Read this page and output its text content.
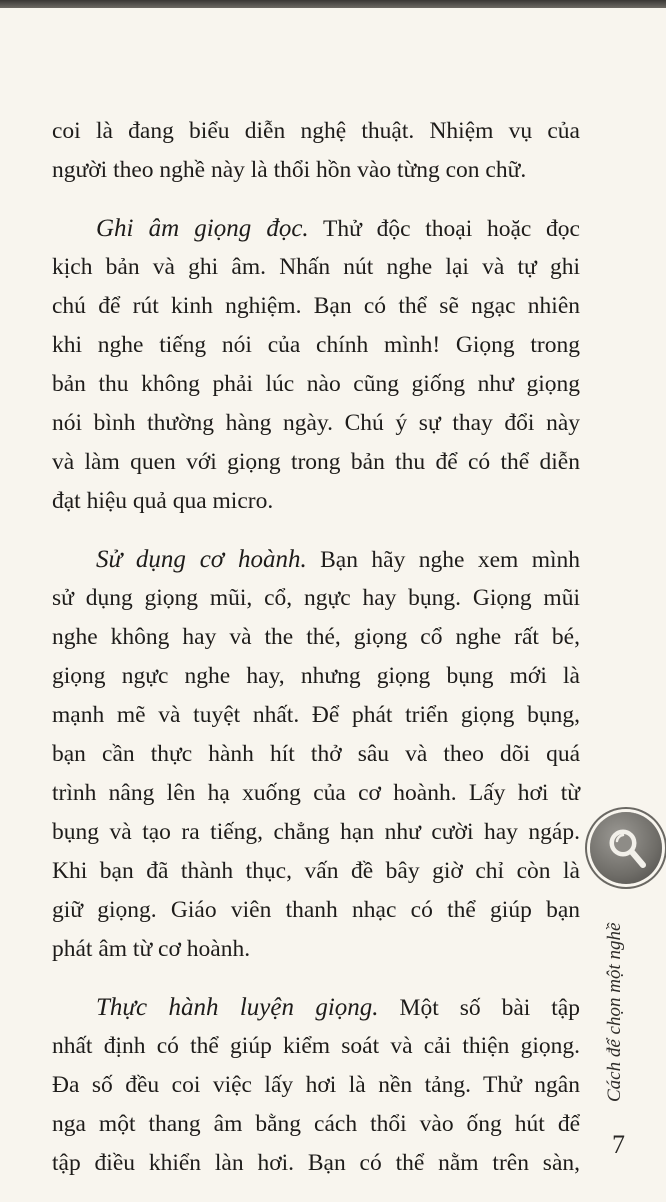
coi là đang biểu diễn nghệ thuật. Nhiệm vụ của
người theo nghề này là thổi hồn vào từng con chữ.
Ghi âm giọng đọc. Thử độc thoại hoặc đọc
kịch bản và ghi âm. Nhấn nút nghe lại và tự ghi
chú để rút kinh nghiệm. Bạn có thể sẽ ngạc nhiên
khi nghe tiếng nói của chính mình! Giọng trong
bản thu không phải lúc nào cũng giống như giọng
nói bình thường hàng ngày. Chú ý sự thay đổi này
và làm quen với giọng trong bản thu để có thể diễn
đạt hiệu quả qua micro.
Sử dụng cơ hoành. Bạn hãy nghe xem mình
sử dụng giọng mũi, cổ, ngực hay bụng. Giọng mũi
nghe không hay và the thé, giọng cổ nghe rất bé,
giọng ngực nghe hay, nhưng giọng bụng mới là
mạnh mẽ và tuyệt nhất. Để phát triển giọng bụng,
bạn cần thực hành hít thở sâu và theo dõi quá
trình nâng lên hạ xuống của cơ hoành. Lấy hơi từ
bụng và tạo ra tiếng, chẳng hạn như cười hay ngáp.
Khi bạn đã thành thục, vấn đề bây giờ chỉ còn là
giữ giọng. Giáo viên thanh nhạc có thể giúp bạn
phát âm từ cơ hoành.
Thực hành luyện giọng. Một số bài tập
nhất định có thể giúp kiểm soát và cải thiện giọng.
Đa số đều coi việc lấy hơi là nền tảng. Thử ngân
nga một thang âm bằng cách thổi vào ống hút để
tập điều khiển làn hơi. Bạn có thể nằm trên sàn,
Cách để chọn một nghề
7
